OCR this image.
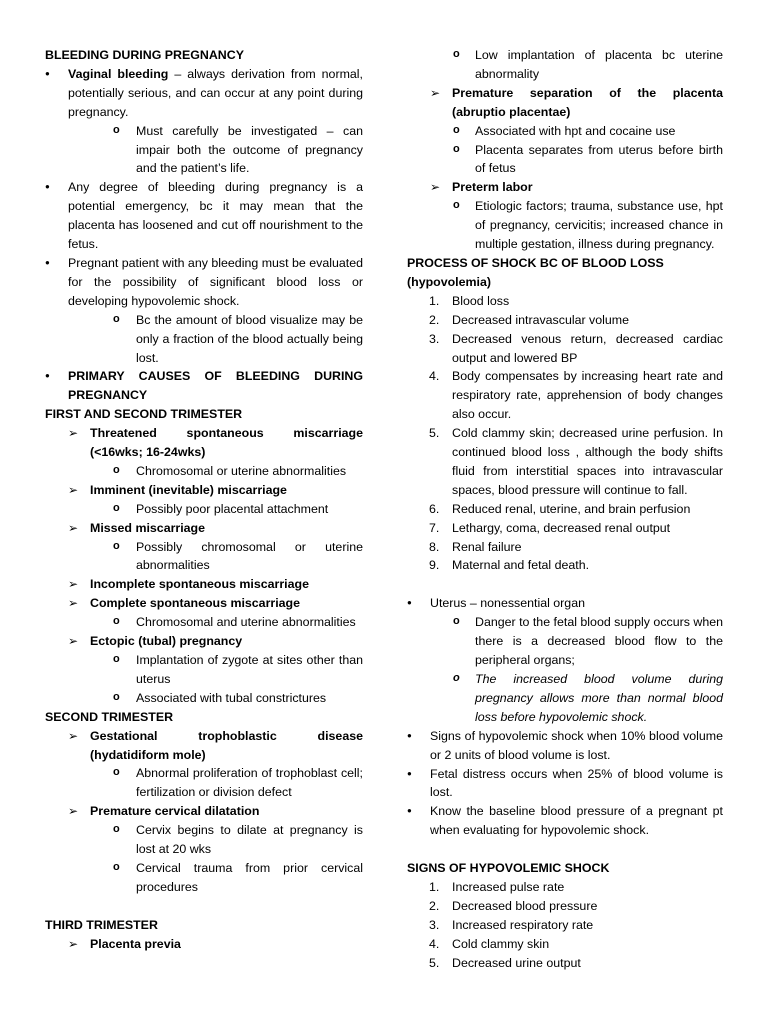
BLEEDING DURING PREGNANCY
● Vaginal bleeding – always derivation from normal, potentially serious, and can occur at any point during pregnancy.
o Must carefully be investigated – can impair both the outcome of pregnancy and the patient’s life.
● Any degree of bleeding during pregnancy is a potential emergency, bc it may mean that the placenta has loosened and cut off nourishment to the fetus.
● Pregnant patient with any bleeding must be evaluated for the possibility of significant blood loss or developing hypovolemic shock.
o Bc the amount of blood visualize may be only a fraction of the blood actually being lost.
● PRIMARY CAUSES OF BLEEDING DURING PREGNANCY
FIRST AND SECOND TRIMESTER
➢ Threatened spontaneous miscarriage (<16wks; 16-24wks)
o Chromosomal or uterine abnormalities
➢ Imminent (inevitable) miscarriage
o Possibly poor placental attachment
➢ Missed miscarriage
o Possibly chromosomal or uterine abnormalities
➢ Incomplete spontaneous miscarriage
➢ Complete spontaneous miscarriage
o Chromosomal and uterine abnormalities
➢ Ectopic (tubal) pregnancy
o Implantation of zygote at sites other than uterus
o Associated with tubal constrictures
SECOND TRIMESTER
➢ Gestational trophoblastic disease (hydatidiform mole)
o Abnormal proliferation of trophoblast cell; fertilization or division defect
➢ Premature cervical dilatation
o Cervix begins to dilate at pregnancy is lost at 20 wks
o Cervical trauma from prior cervical procedures
THIRD TRIMESTER
➢ Placenta previa
o Low implantation of placenta bc uterine abnormality
➢ Premature separation of the placenta (abruptio placentae)
o Associated with hpt and cocaine use
o Placenta separates from uterus before birth of fetus
➢ Preterm labor
o Etiologic factors; trauma, substance use, hpt of pregnancy, cervicitis; increased chance in multiple gestation, illness during pregnancy.
PROCESS OF SHOCK BC OF BLOOD LOSS (hypovolemia)
1. Blood loss
2. Decreased intravascular volume
3. Decreased venous return, decreased cardiac output and lowered BP
4. Body compensates by increasing heart rate and respiratory rate, apprehension of body changes also occur.
5. Cold clammy skin; decreased urine perfusion. In continued blood loss , although the body shifts fluid from interstitial spaces into intravascular spaces, blood pressure will continue to fall.
6. Reduced renal, uterine, and brain perfusion
7. Lethargy, coma, decreased renal output
8. Renal failure
9. Maternal and fetal death.
● Uterus – nonessential organ
o Danger to the fetal blood supply occurs when there is a decreased blood flow to the peripheral organs;
o The increased blood volume during pregnancy allows more than normal blood loss before hypovolemic shock.
● Signs of hypovolemic shock when 10% blood volume or 2 units of blood volume is lost.
● Fetal distress occurs when 25% of blood volume is lost.
● Know the baseline blood pressure of a pregnant pt when evaluating for hypovolemic shock.
SIGNS OF HYPOVOLEMIC SHOCK
1. Increased pulse rate
2. Decreased blood pressure
3. Increased respiratory rate
4. Cold clammy skin
5. Decreased urine output
